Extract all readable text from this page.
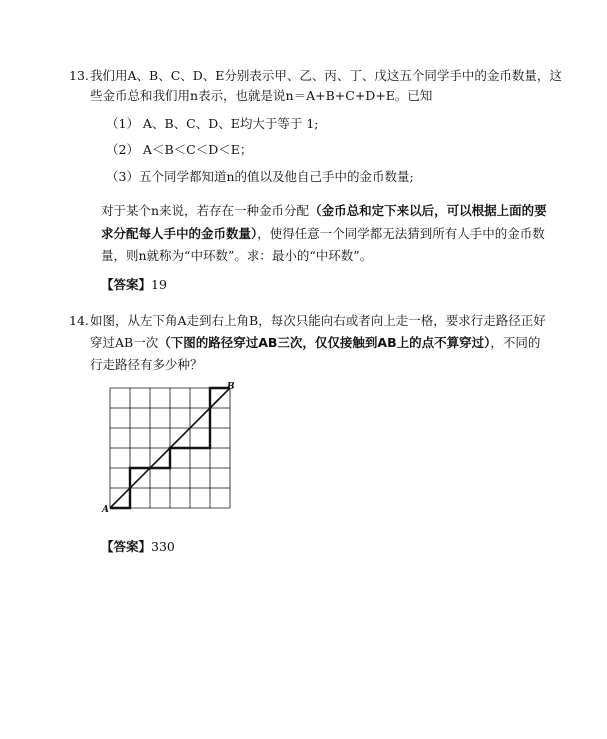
13. 我们用A、B、C、D、E分别表示甲、乙、丙、丁、戊这五个同学手中的金币数量，这
些金币总和我们用n表示，也就是说n＝A+B+C+D+E。已知
（1） A、B、C、D、E均大于等于 1;
（2） A＜B＜C＜D＜E；
（3）五个同学都知道n的值以及他自己手中的金币数量;
对于某个n来说，若存在一种金币分配（金币总和定下来以后，可以根据上面的要
求分配每人手中的金币数量），使得任意一个同学都无法猜到所有人手中的金币数
量，则n就称为“中环数”。求：最小的“中环数”。
【答案】19
14. 如图，从左下角A走到右上角B，每次只能向右或者向上走一格，要求行走路径正好
穿过AB一次（下图的路径穿过AB三次，仅仅接触到AB上的点不算穿过），不同的
行走路径有多少种？
A
B
【答案】330
